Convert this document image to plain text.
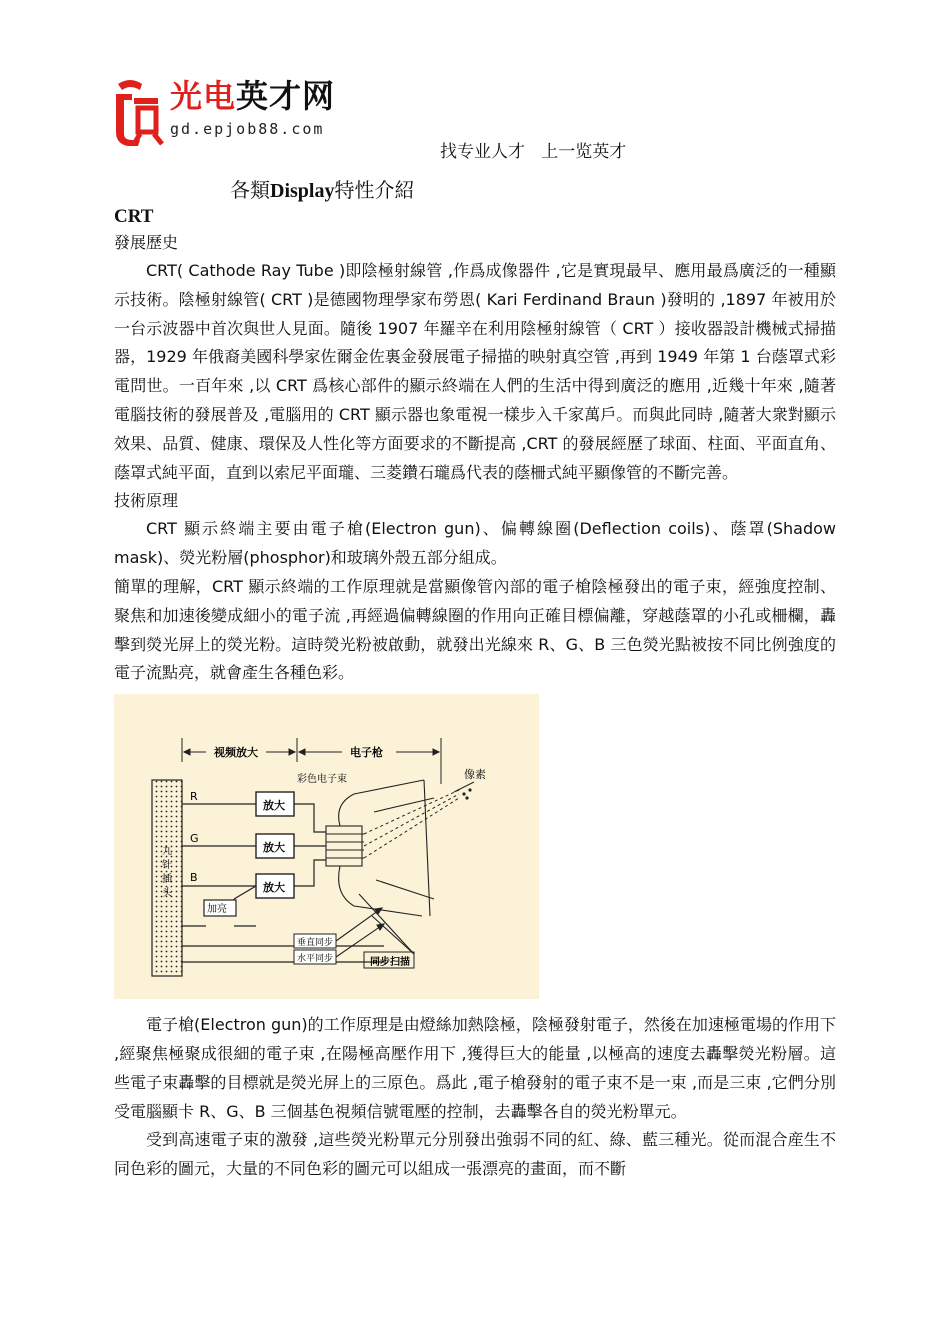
光电英才网
gd.epjob88.com
找专业人才   上一览英才
各類Display特性介紹

CRT

發展歷史

CRT( Cathode Ray Tube )即陰極射線管 ,作爲成像器件 ,它是實現最早、應用最爲廣泛的一種顯示技術。陰極射線管( CRT )是德國物理學家布勞恩( Kari Ferdinand Braun )發明的 ,1897 年被用於一台示波器中首次與世人見面。隨後 1907 年羅辛在利用陰極射線管（ CRT ）接收器設計機械式掃描器，1929 年俄裔美國科學家佐爾金佐裏金發展電子掃描的映射真空管 ,再到 1949 年第 1 台蔭罩式彩電問世。一百年來 ,以 CRT 爲核心部件的顯示終端在人們的生活中得到廣泛的應用 ,近幾十年來 ,隨著電腦技術的發展普及 ,電腦用的 CRT 顯示器也象電視一樣步入千家萬戶。而與此同時 ,隨著大衆對顯示效果、品質、健康、環保及人性化等方面要求的不斷提高 ,CRT 的發展經歷了球面、柱面、平面直角、蔭罩式純平面，直到以索尼平面瓏、三菱鑽石瓏爲代表的蔭柵式純平顯像管的不斷完善。

技術原理

CRT 顯示終端主要由電子槍(Electron gun)、偏轉線圈(Deflection coils)、蔭罩(Shadow mask)、熒光粉層(phosphor)和玻璃外殼五部分組成。

簡單的理解，CRT 顯示終端的工作原理就是當顯像管內部的電子槍陰極發出的電子束，經強度控制、聚焦和加速後變成細小的電子流 ,再經過偏轉線圈的作用向正確目標偏離，穿越蔭罩的小孔或柵欄，轟擊到熒光屏上的熒光粉。這時熒光粉被啟動，就發出光線來 R、G、B 三色熒光點被按不同比例強度的電子流點亮，就會產生各種色彩。

视频放大	电子枪
彩色电子束	像素
九针插头
R
G
B
放大
放大
放大
加亮
垂直同步
水平同步	同步扫描

電子槍(Electron gun)的工作原理是由燈絲加熱陰極，陰極發射電子，然後在加速極電場的作用下 ,經聚焦極聚成很細的電子束 ,在陽極高壓作用下 ,獲得巨大的能量 ,以極高的速度去轟擊熒光粉層。這些電子束轟擊的目標就是熒光屏上的三原色。爲此 ,電子槍發射的電子束不是一束 ,而是三束 ,它們分別受電腦顯卡 R、G、B 三個基色視頻信號電壓的控制，去轟擊各自的熒光粉單元。

受到高速電子束的激發 ,這些熒光粉單元分別發出強弱不同的紅、綠、藍三種光。從而混合産生不同色彩的圖元，大量的不同色彩的圖元可以組成一張漂亮的畫面，而不斷
